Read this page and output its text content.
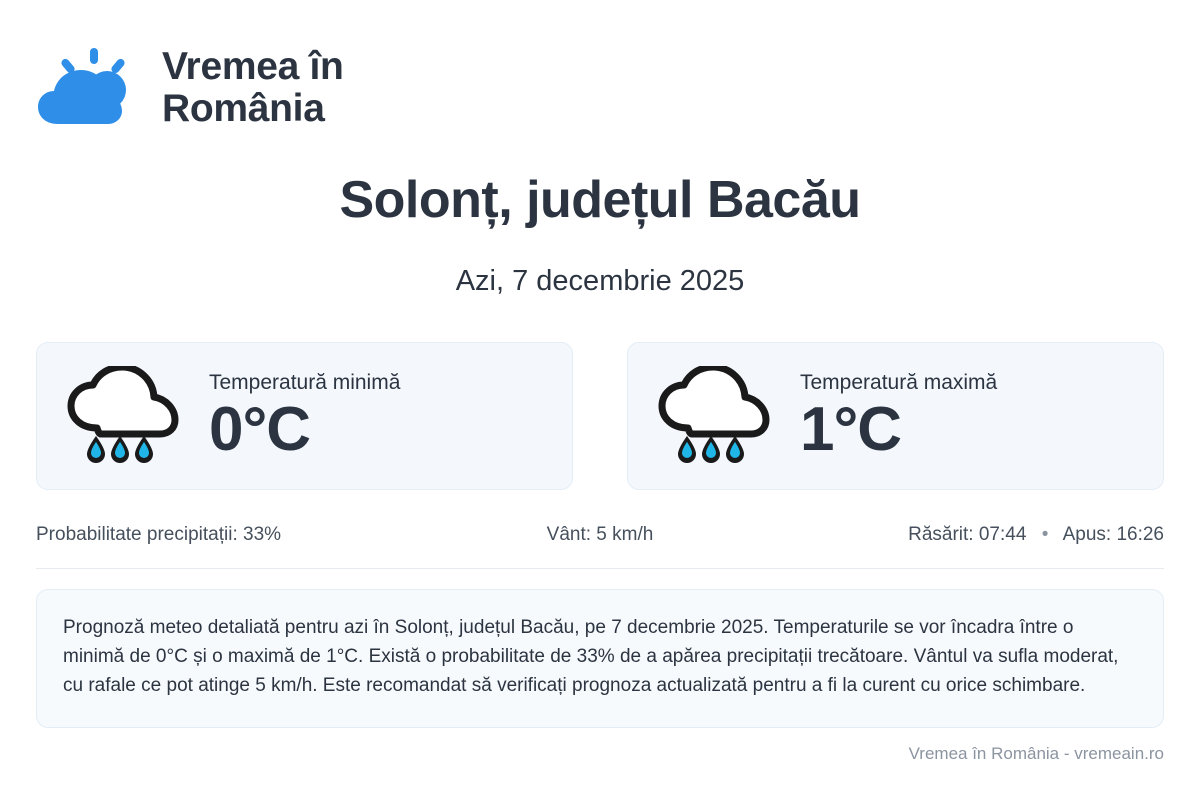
Vremea în
România
Solonț, județul Bacău
Azi, 7 decembrie 2025
Temperatură minimă
0°C
Temperatură maximă
1°C
Probabilitate precipitații: 33%	Vânt: 5 km/h	Răsărit: 07:44 • Apus: 16:26
Prognoză meteo detaliată pentru azi în Solonț, județul Bacău, pe 7 decembrie 2025. Temperaturile se vor încadra între o minimă de 0°C și o maximă de 1°C. Există o probabilitate de 33% de a apărea precipitații trecătoare. Vântul va sufla moderat, cu rafale ce pot atinge 5 km/h. Este recomandat să verificați prognoza actualizată pentru a fi la curent cu orice schimbare.
Vremea în România - vremeain.ro
